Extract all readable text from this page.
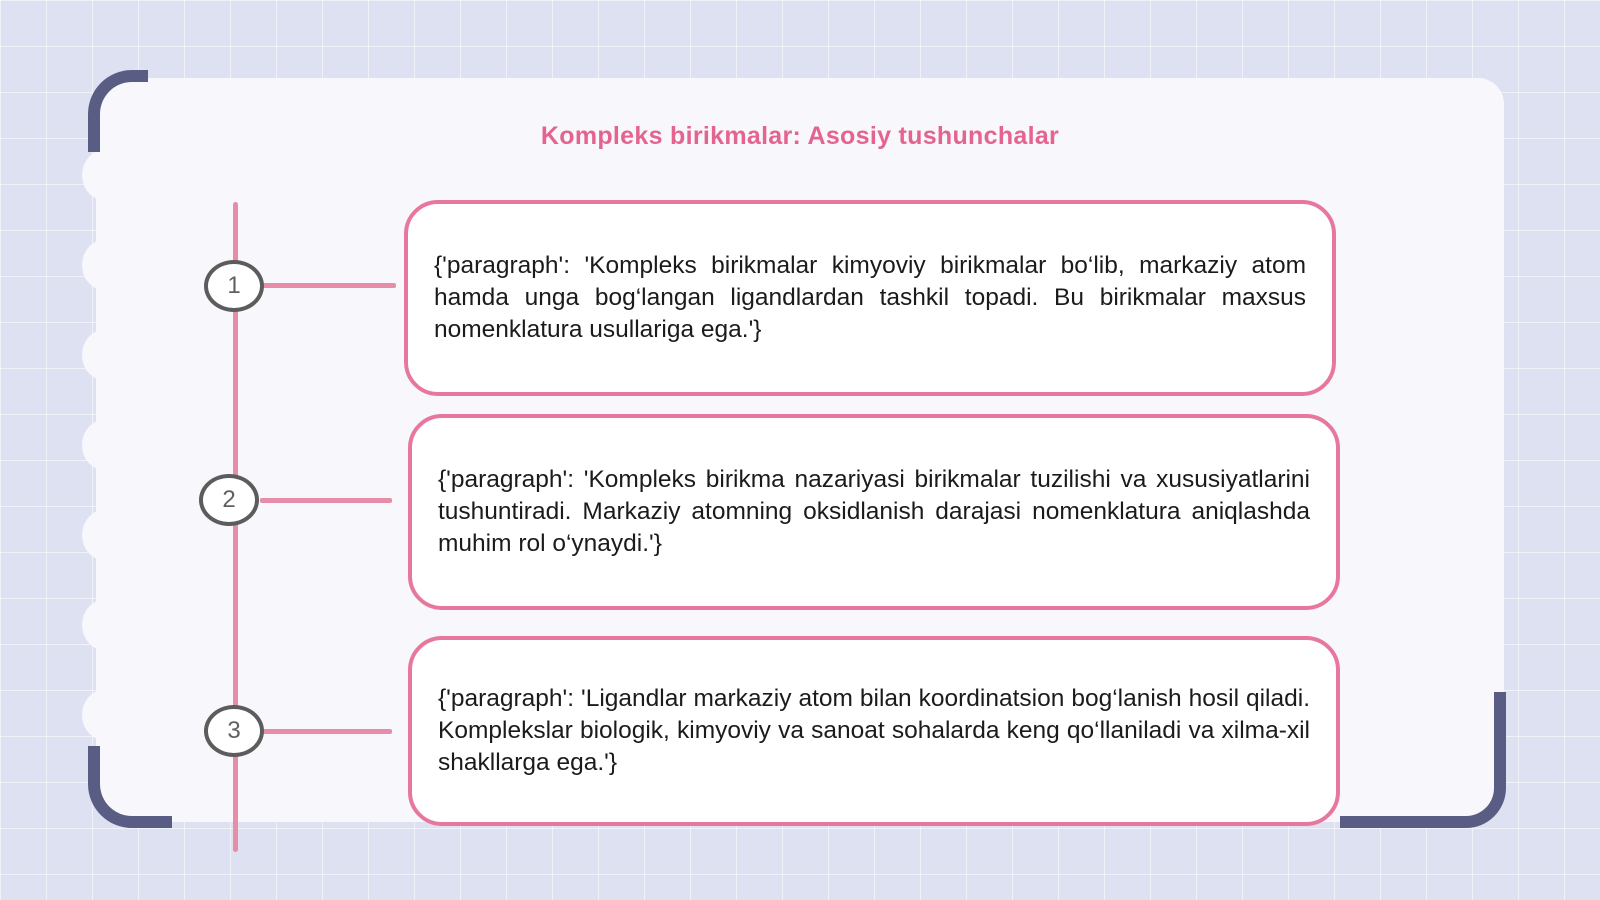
Kompleks birikmalar: Asosiy tushunchalar
1
2
3
{'paragraph': 'Kompleks birikmalar kimyoviy birikmalar bo‘lib, markaziy atom hamda unga bog‘langan ligandlardan tashkil topadi. Bu birikmalar maxsus nomenklatura usullariga ega.'}
{'paragraph': 'Kompleks birikma nazariyasi birikmalar tuzilishi va xususiyatlarini tushuntiradi. Markaziy atomning oksidlanish darajasi nomenklatura aniqlashda muhim rol o‘ynaydi.'}
{'paragraph': 'Ligandlar markaziy atom bilan koordinatsion bog‘lanish hosil qiladi. Komplekslar biologik, kimyoviy va sanoat sohalarda keng qo‘llaniladi va xilma-xil shakllarga ega.'}
